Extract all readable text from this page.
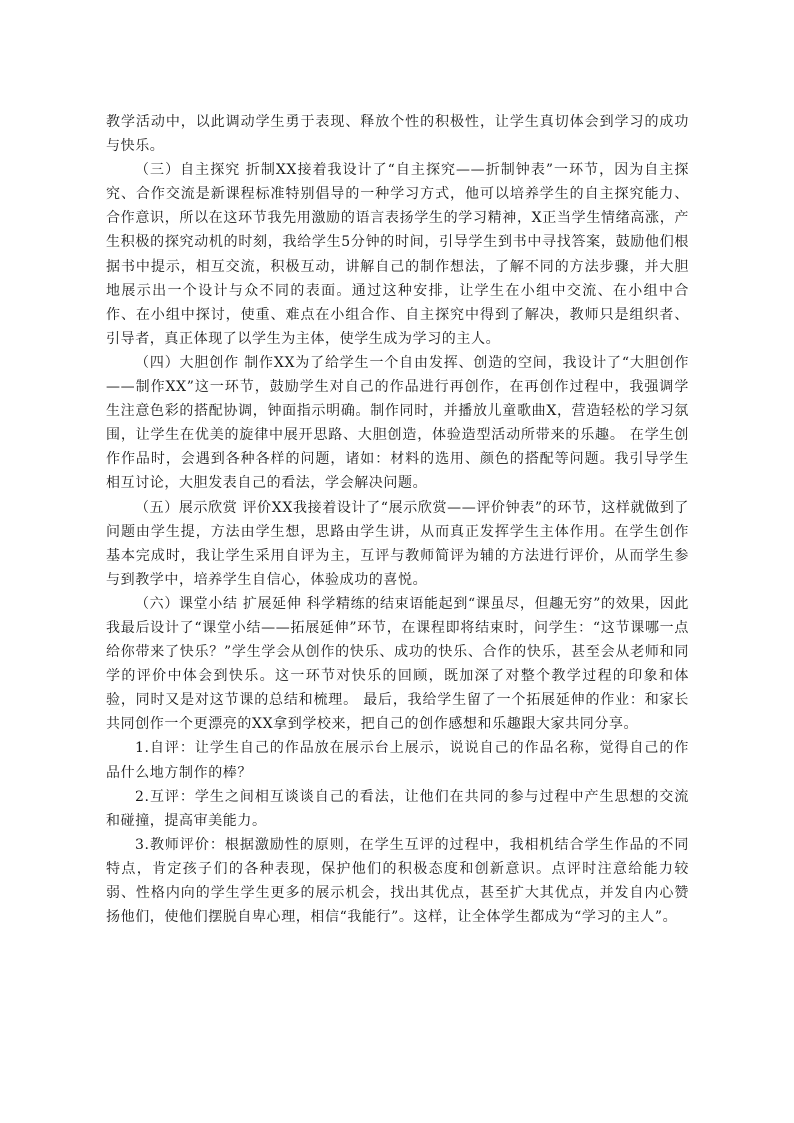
教学活动中，以此调动学生勇于表现、释放个性的积极性，让学生真切体会到学习的成功与快乐。

（三）自主探究 折制XX接着我设计了“自主探究——折制钟表”一环节，因为自主探究、合作交流是新课程标准特别倡导的一种学习方式，他可以培养学生的自主探究能力、合作意识，所以在这环节我先用激励的语言表扬学生的学习精神，X正当学生情绪高涨，产生积极的探究动机的时刻，我给学生5分钟的时间，引导学生到书中寻找答案，鼓励他们根据书中提示，相互交流，积极互动，讲解自己的制作想法，了解不同的方法步骤，并大胆地展示出一个设计与众不同的表面。通过这种安排，让学生在小组中交流、在小组中合作、在小组中探讨，使重、难点在小组合作、自主探究中得到了解决，教师只是组织者、引导者，真正体现了以学生为主体，使学生成为学习的主人。

（四）大胆创作 制作XX为了给学生一个自由发挥、创造的空间，我设计了“大胆创作——制作XX”这一环节，鼓励学生对自己的作品进行再创作，在再创作过程中，我强调学生注意色彩的搭配协调，钟面指示明确。制作同时，并播放儿童歌曲X，营造轻松的学习氛围，让学生在优美的旋律中展开思路、大胆创造，体验造型活动所带来的乐趣。 在学生创作作品时，会遇到各种各样的问题，诸如：材料的选用、颜色的搭配等问题。我引导学生相互讨论，大胆发表自己的看法，学会解决问题。

（五）展示欣赏 评价XX我接着设计了“展示欣赏——评价钟表”的环节，这样就做到了问题由学生提，方法由学生想，思路由学生讲，从而真正发挥学生主体作用。在学生创作基本完成时，我让学生采用自评为主，互评与教师简评为辅的方法进行评价，从而学生参与到教学中，培养学生自信心，体验成功的喜悦。

（六）课堂小结 扩展延伸 科学精练的结束语能起到“课虽尽，但趣无穷”的效果，因此我最后设计了“课堂小结——拓展延伸”环节，在课程即将结束时，问学生：“这节课哪一点给你带来了快乐？”学生学会从创作的快乐、成功的快乐、合作的快乐，甚至会从老师和同学的评价中体会到快乐。这一环节对快乐的回顾，既加深了对整个教学过程的印象和体验，同时又是对这节课的总结和梳理。 最后，我给学生留了一个拓展延伸的作业：和家长共同创作一个更漂亮的XX拿到学校来，把自己的创作感想和乐趣跟大家共同分享。

1.自评：让学生自己的作品放在展示台上展示，说说自己的作品名称，觉得自己的作品什么地方制作的棒？

2.互评：学生之间相互谈谈自己的看法，让他们在共同的参与过程中产生思想的交流和碰撞，提高审美能力。

3.教师评价：根据激励性的原则，在学生互评的过程中，我相机结合学生作品的不同特点，肯定孩子们的各种表现，保护他们的积极态度和创新意识。点评时注意给能力较弱、性格内向的学生学生更多的展示机会，找出其优点，甚至扩大其优点，并发自内心赞扬他们，使他们摆脱自卑心理，相信“我能行”。这样，让全体学生都成为“学习的主人”。
